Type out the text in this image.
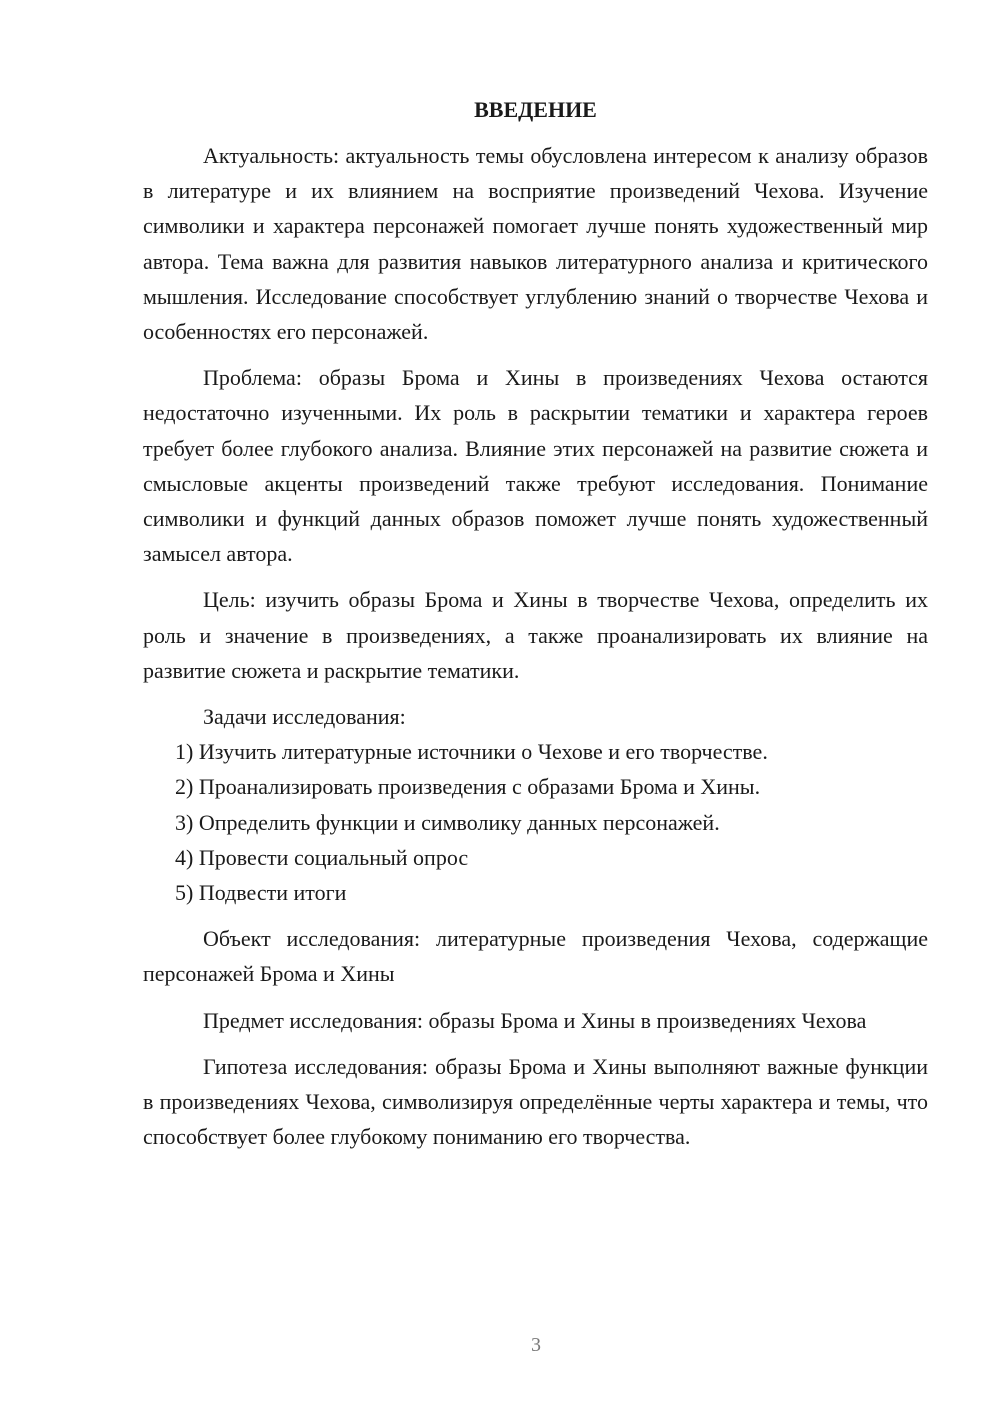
ВВЕДЕНИЕ

Актуальность: актуальность темы обусловлена интересом к анализу образов в литературе и их влиянием на восприятие произведений Чехова. Изучение символики и характера персонажей помогает лучше понять художественный мир автора. Тема важна для развития навыков литературного анализа и критического мышления. Исследование способствует углублению знаний о творчестве Чехова и особенностях его персонажей.

Проблема: образы Брома и Хины в произведениях Чехова остаются недостаточно изученными. Их роль в раскрытии тематики и характера героев требует более глубокого анализа. Влияние этих персонажей на развитие сюжета и смысловые акценты произведений также требуют исследования. Понимание символики и функций данных образов поможет лучше понять художественный замысел автора.

Цель: изучить образы Брома и Хины в творчестве Чехова, определить их роль и значение в произведениях, а также проанализировать их влияние на развитие сюжета и раскрытие тематики.

Задачи исследования:

1) Изучить литературные источники о Чехове и его творчестве.

2) Проанализировать произведения с образами Брома и Хины.

3) Определить функции и символику данных персонажей.

4) Провести социальный опрос

5) Подвести итоги

Объект исследования: литературные произведения Чехова, содержащие персонажей Брома и Хины

Предмет исследования: образы Брома и Хины в произведениях Чехова

Гипотеза исследования: образы Брома и Хины выполняют важные функции в произведениях Чехова, символизируя определённые черты характера и темы, что способствует более глубокому пониманию его творчества.

3
